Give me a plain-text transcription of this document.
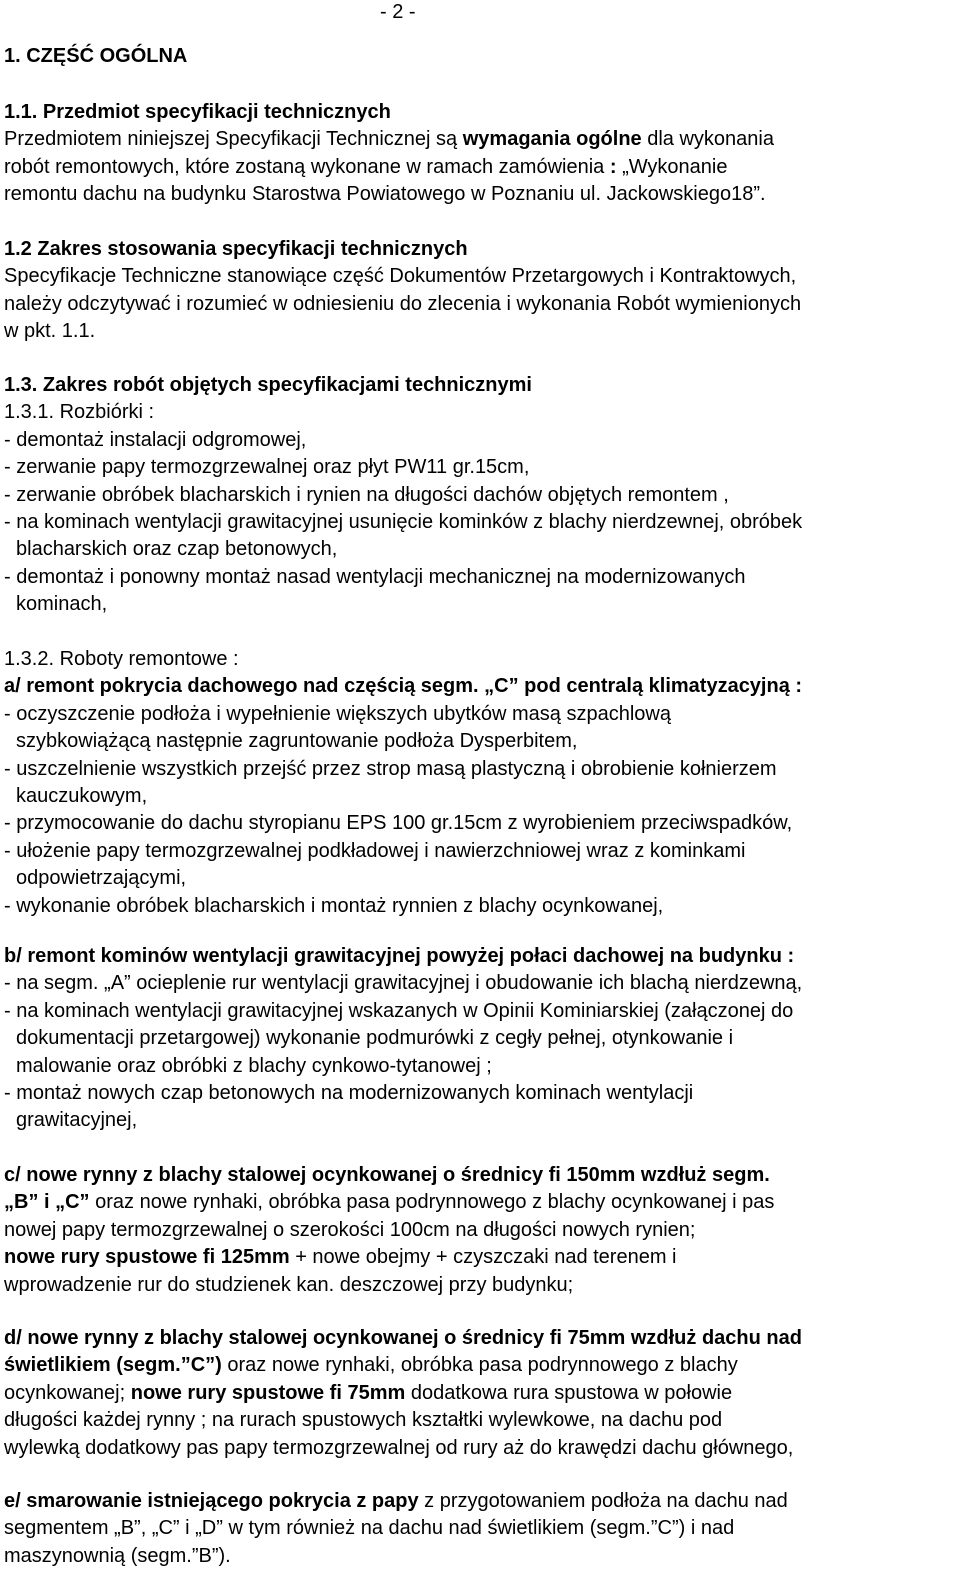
- 2 -
1. CZĘŚĆ OGÓLNA
1.1. Przedmiot specyfikacji technicznych
Przedmiotem niniejszej Specyfikacji Technicznej są wymagania ogólne dla wykonania
robót remontowych, które zostaną wykonane w ramach zamówienia : „Wykonanie
remontu dachu na budynku Starostwa Powiatowego w Poznaniu ul. Jackowskiego18”.
1.2 Zakres stosowania specyfikacji technicznych
Specyfikacje Techniczne stanowiące część Dokumentów Przetargowych i Kontraktowych,
należy odczytywać i rozumieć w odniesieniu do zlecenia i wykonania Robót wymienionych
w pkt. 1.1.
1.3. Zakres robót objętych specyfikacjami technicznymi
1.3.1. Rozbiórki :
- demontaż instalacji odgromowej,
- zerwanie papy termozgrzewalnej oraz płyt PW11 gr.15cm,
- zerwanie obróbek blacharskich i rynien na długości dachów objętych remontem ,
- na kominach wentylacji grawitacyjnej usunięcie kominków z blachy nierdzewnej, obróbek
blacharskich oraz czap betonowych,
- demontaż i ponowny montaż nasad wentylacji mechanicznej na modernizowanych
kominach,
1.3.2. Roboty remontowe :
a/ remont pokrycia dachowego nad częścią segm. „C” pod centralą klimatyzacyjną :
- oczyszczenie podłoża i wypełnienie większych ubytków masą szpachlową
szybkowiążącą następnie zagruntowanie podłoża Dysperbitem,
- uszczelnienie wszystkich przejść przez strop masą plastyczną i obrobienie kołnierzem
kauczukowym,
- przymocowanie do dachu styropianu EPS 100 gr.15cm z wyrobieniem przeciwspadków,
- ułożenie papy termozgrzewalnej podkładowej i nawierzchniowej wraz z kominkami
odpowietrzającymi,
- wykonanie obróbek blacharskich i montaż rynnien z blachy ocynkowanej,
b/ remont kominów wentylacji grawitacyjnej powyżej połaci dachowej na budynku :
- na segm. „A” ocieplenie rur wentylacji grawitacyjnej i obudowanie ich blachą nierdzewną,
- na kominach wentylacji grawitacyjnej wskazanych w Opinii Kominiarskiej (załączonej do
dokumentacji przetargowej) wykonanie podmurówki z cegły pełnej, otynkowanie i
malowanie oraz obróbki z blachy cynkowo-tytanowej ;
- montaż nowych czap betonowych na modernizowanych kominach wentylacji
grawitacyjnej,
c/ nowe rynny z blachy stalowej ocynkowanej o średnicy fi 150mm wzdłuż segm.
„B” i „C” oraz nowe rynhaki, obróbka pasa podrynnowego z blachy ocynkowanej i pas
nowej papy termozgrzewalnej o szerokości 100cm na długości nowych rynien;
nowe rury spustowe fi 125mm + nowe obejmy + czyszczaki nad terenem i
wprowadzenie rur do studzienek kan. deszczowej przy budynku;
d/ nowe rynny z blachy stalowej ocynkowanej o średnicy fi 75mm wzdłuż dachu nad
świetlikiem (segm.”C”) oraz nowe rynhaki, obróbka pasa podrynnowego z blachy
ocynkowanej; nowe rury spustowe fi 75mm dodatkowa rura spustowa w połowie
długości każdej rynny ; na rurach spustowych kształtki wylewkowe, na dachu pod
wylewką dodatkowy pas papy termozgrzewalnej od rury aż do krawędzi dachu głównego,
e/ smarowanie istniejącego pokrycia z papy z przygotowaniem podłoża na dachu nad
segmentem „B”, „C” i „D” w tym również na dachu nad świetlikiem (segm.”C”) i nad
maszynownią (segm.”B”).
